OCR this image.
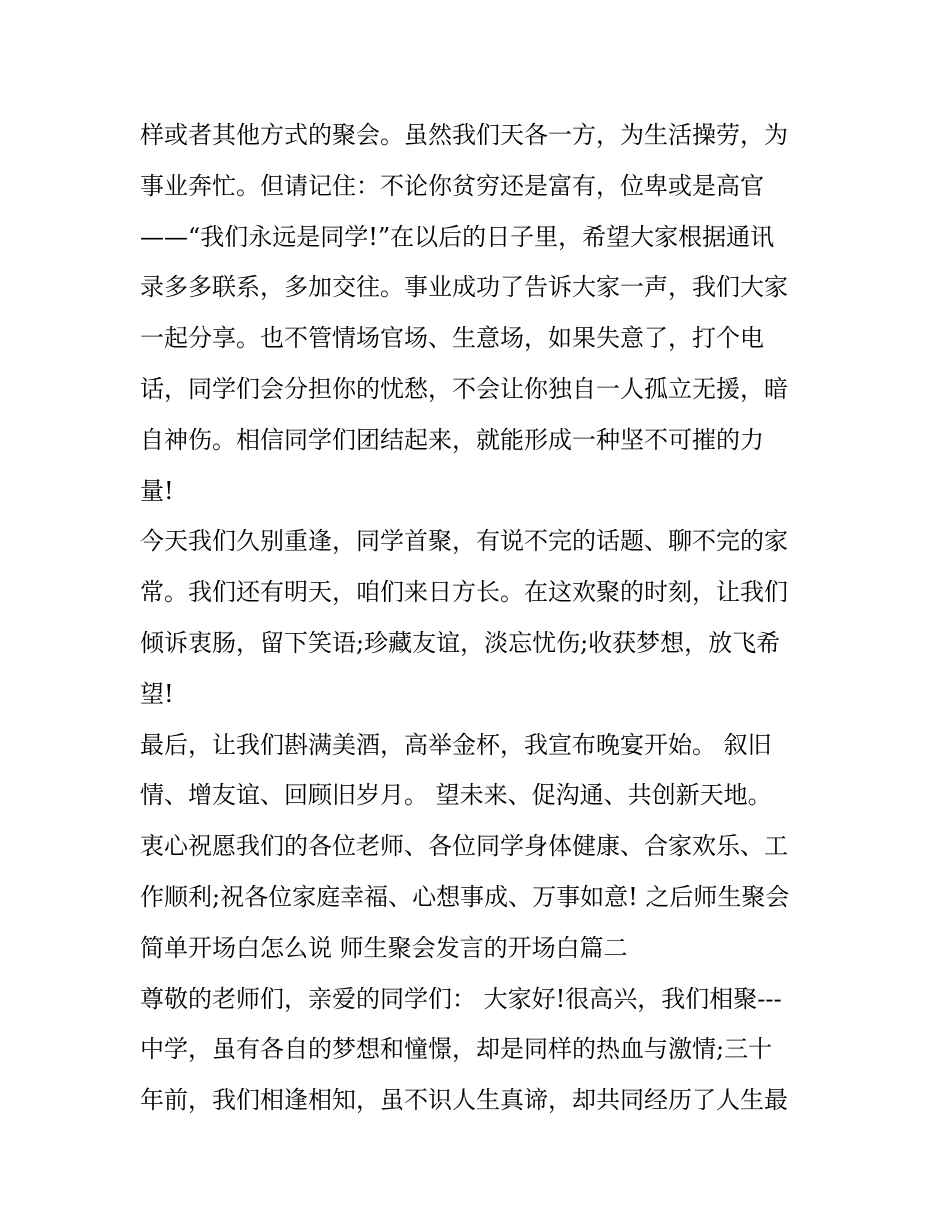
样或者其他方式的聚会。虽然我们天各一方，为生活操劳，为
事业奔忙。但请记住：不论你贫穷还是富有，位卑或是高官
——“我们永远是同学!”在以后的日子里，希望大家根据通讯
录多多联系，多加交往。事业成功了告诉大家一声，我们大家
一起分享。也不管情场官场、生意场，如果失意了，打个电
话，同学们会分担你的忧愁，不会让你独自一人孤立无援，暗
自神伤。相信同学们团结起来，就能形成一种坚不可摧的力
量!
今天我们久别重逢，同学首聚，有说不完的话题、聊不完的家
常。我们还有明天，咱们来日方长。在这欢聚的时刻，让我们
倾诉衷肠，留下笑语;珍藏友谊，淡忘忧伤;收获梦想，放飞希
望!
最后，让我们斟满美酒，高举金杯，我宣布晚宴开始。 叙旧
情、增友谊、回顾旧岁月。 望未来、促沟通、共创新天地。
衷心祝愿我们的各位老师、各位同学身体健康、合家欢乐、工
作顺利;祝各位家庭幸福、心想事成、万事如意! 之后师生聚会
简单开场白怎么说 师生聚会发言的开场白篇二
尊敬的老师们，亲爱的同学们： 大家好!很高兴，我们相聚---
中学，虽有各自的梦想和憧憬，却是同样的热血与激情;三十
年前，我们相逢相知，虽不识人生真谛，却共同经历了人生最
